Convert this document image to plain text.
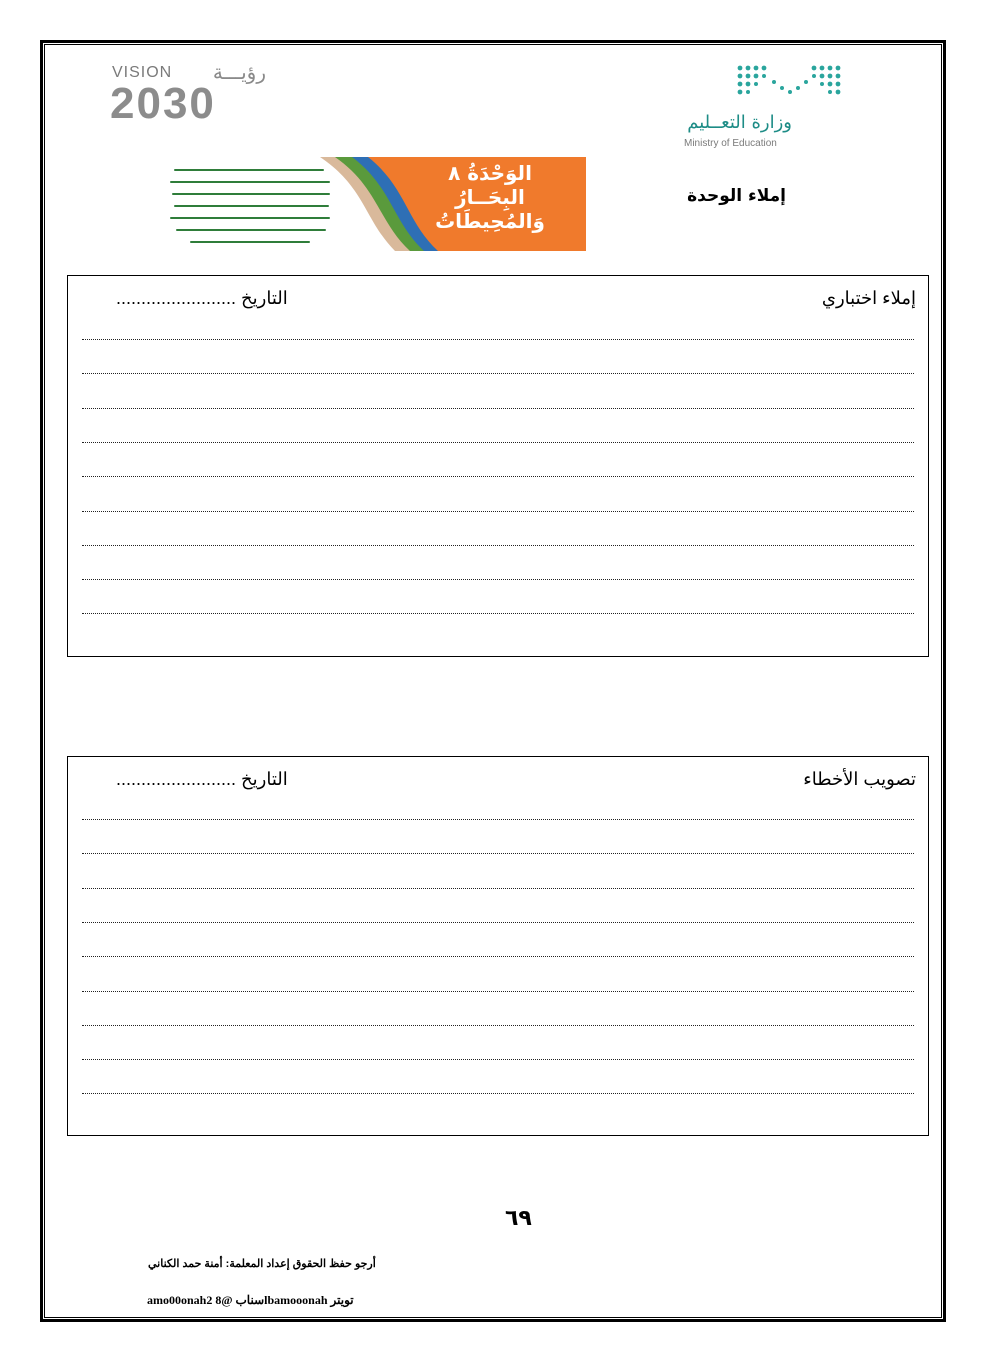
VISION رؤيـــة
2030	وزارة التعــليم
Ministry of Education
الوَحْدَةُ ٨
البِحَــارُ
وَالمُحِيطَاتُ
إملاء الوحدة
إملاء اختباري
التاريخ ........................
تصويب الأخطاء
التاريخ ........................
٦٩
أرجو حفظ الحقوق إعداد المعلمة: أمنة حمد الكناني
amo00onah2 سناب @8lbamooonah تويتر
